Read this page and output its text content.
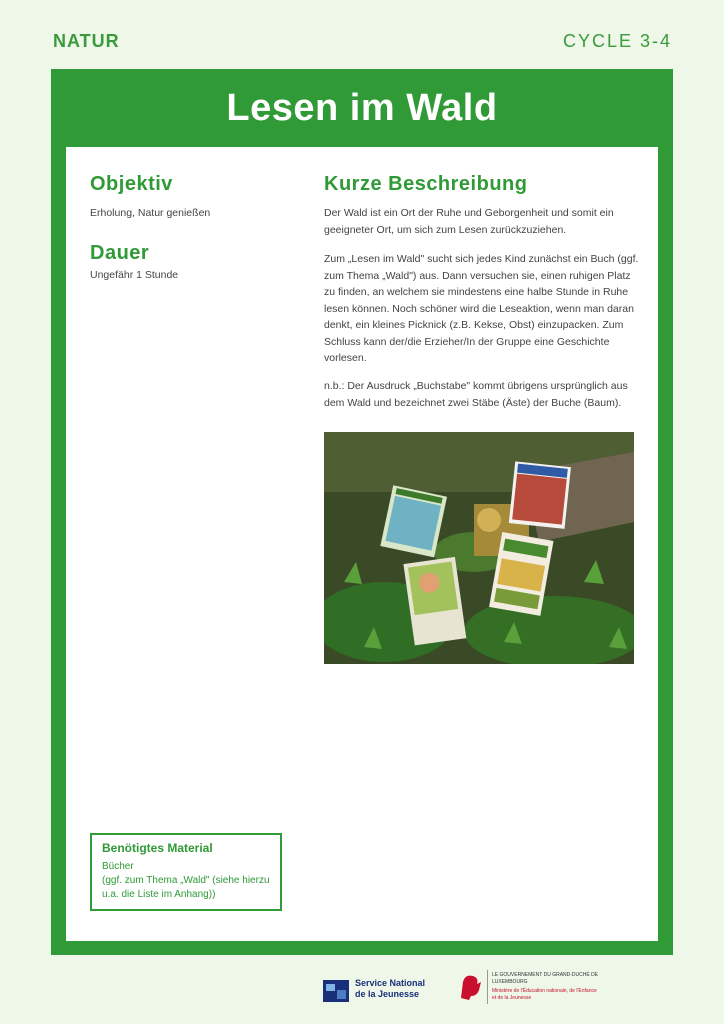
NATUR	CYCLE 3-4
Lesen im Wald
Objektiv

Erholung, Natur genießen

Dauer

Ungefähr 1 Stunde

Kurze Beschreibung

Der Wald ist ein Ort der Ruhe und Geborgenheit und somit ein geeigneter Ort, um sich zum Lesen zurückzuziehen.

Zum „Lesen im Wald" sucht sich jedes Kind zunächst ein Buch (ggf. zum Thema „Wald") aus. Dann versuchen sie, einen ruhigen Platz zu finden, an welchem sie mindestens eine halbe Stunde in Ruhe lesen können. Noch schöner wird die Leseaktion, wenn man daran denkt, ein kleines Picknick (z.B. Kekse, Obst) einzupacken. Zum Schluss kann der/die Erzieher/In der Gruppe eine Geschichte vorlesen.

n.b.: Der Ausdruck „Buchstabe" kommt übrigens ursprünglich aus dem Wald und bezeichnet zwei Stäbe (Äste) der Buche (Baum).

Benötigtes Material

Bücher

(ggf. zum Thema „Wald" (siehe hierzu u.a. die Liste im Anhang))

Service National
de la Jeunesse
LE GOUVERNEMENT DU GRAND-DUCHÉ DE LUXEMBOURG
Ministère de l'Éducation nationale, de l'Enfance et de la Jeunesse
